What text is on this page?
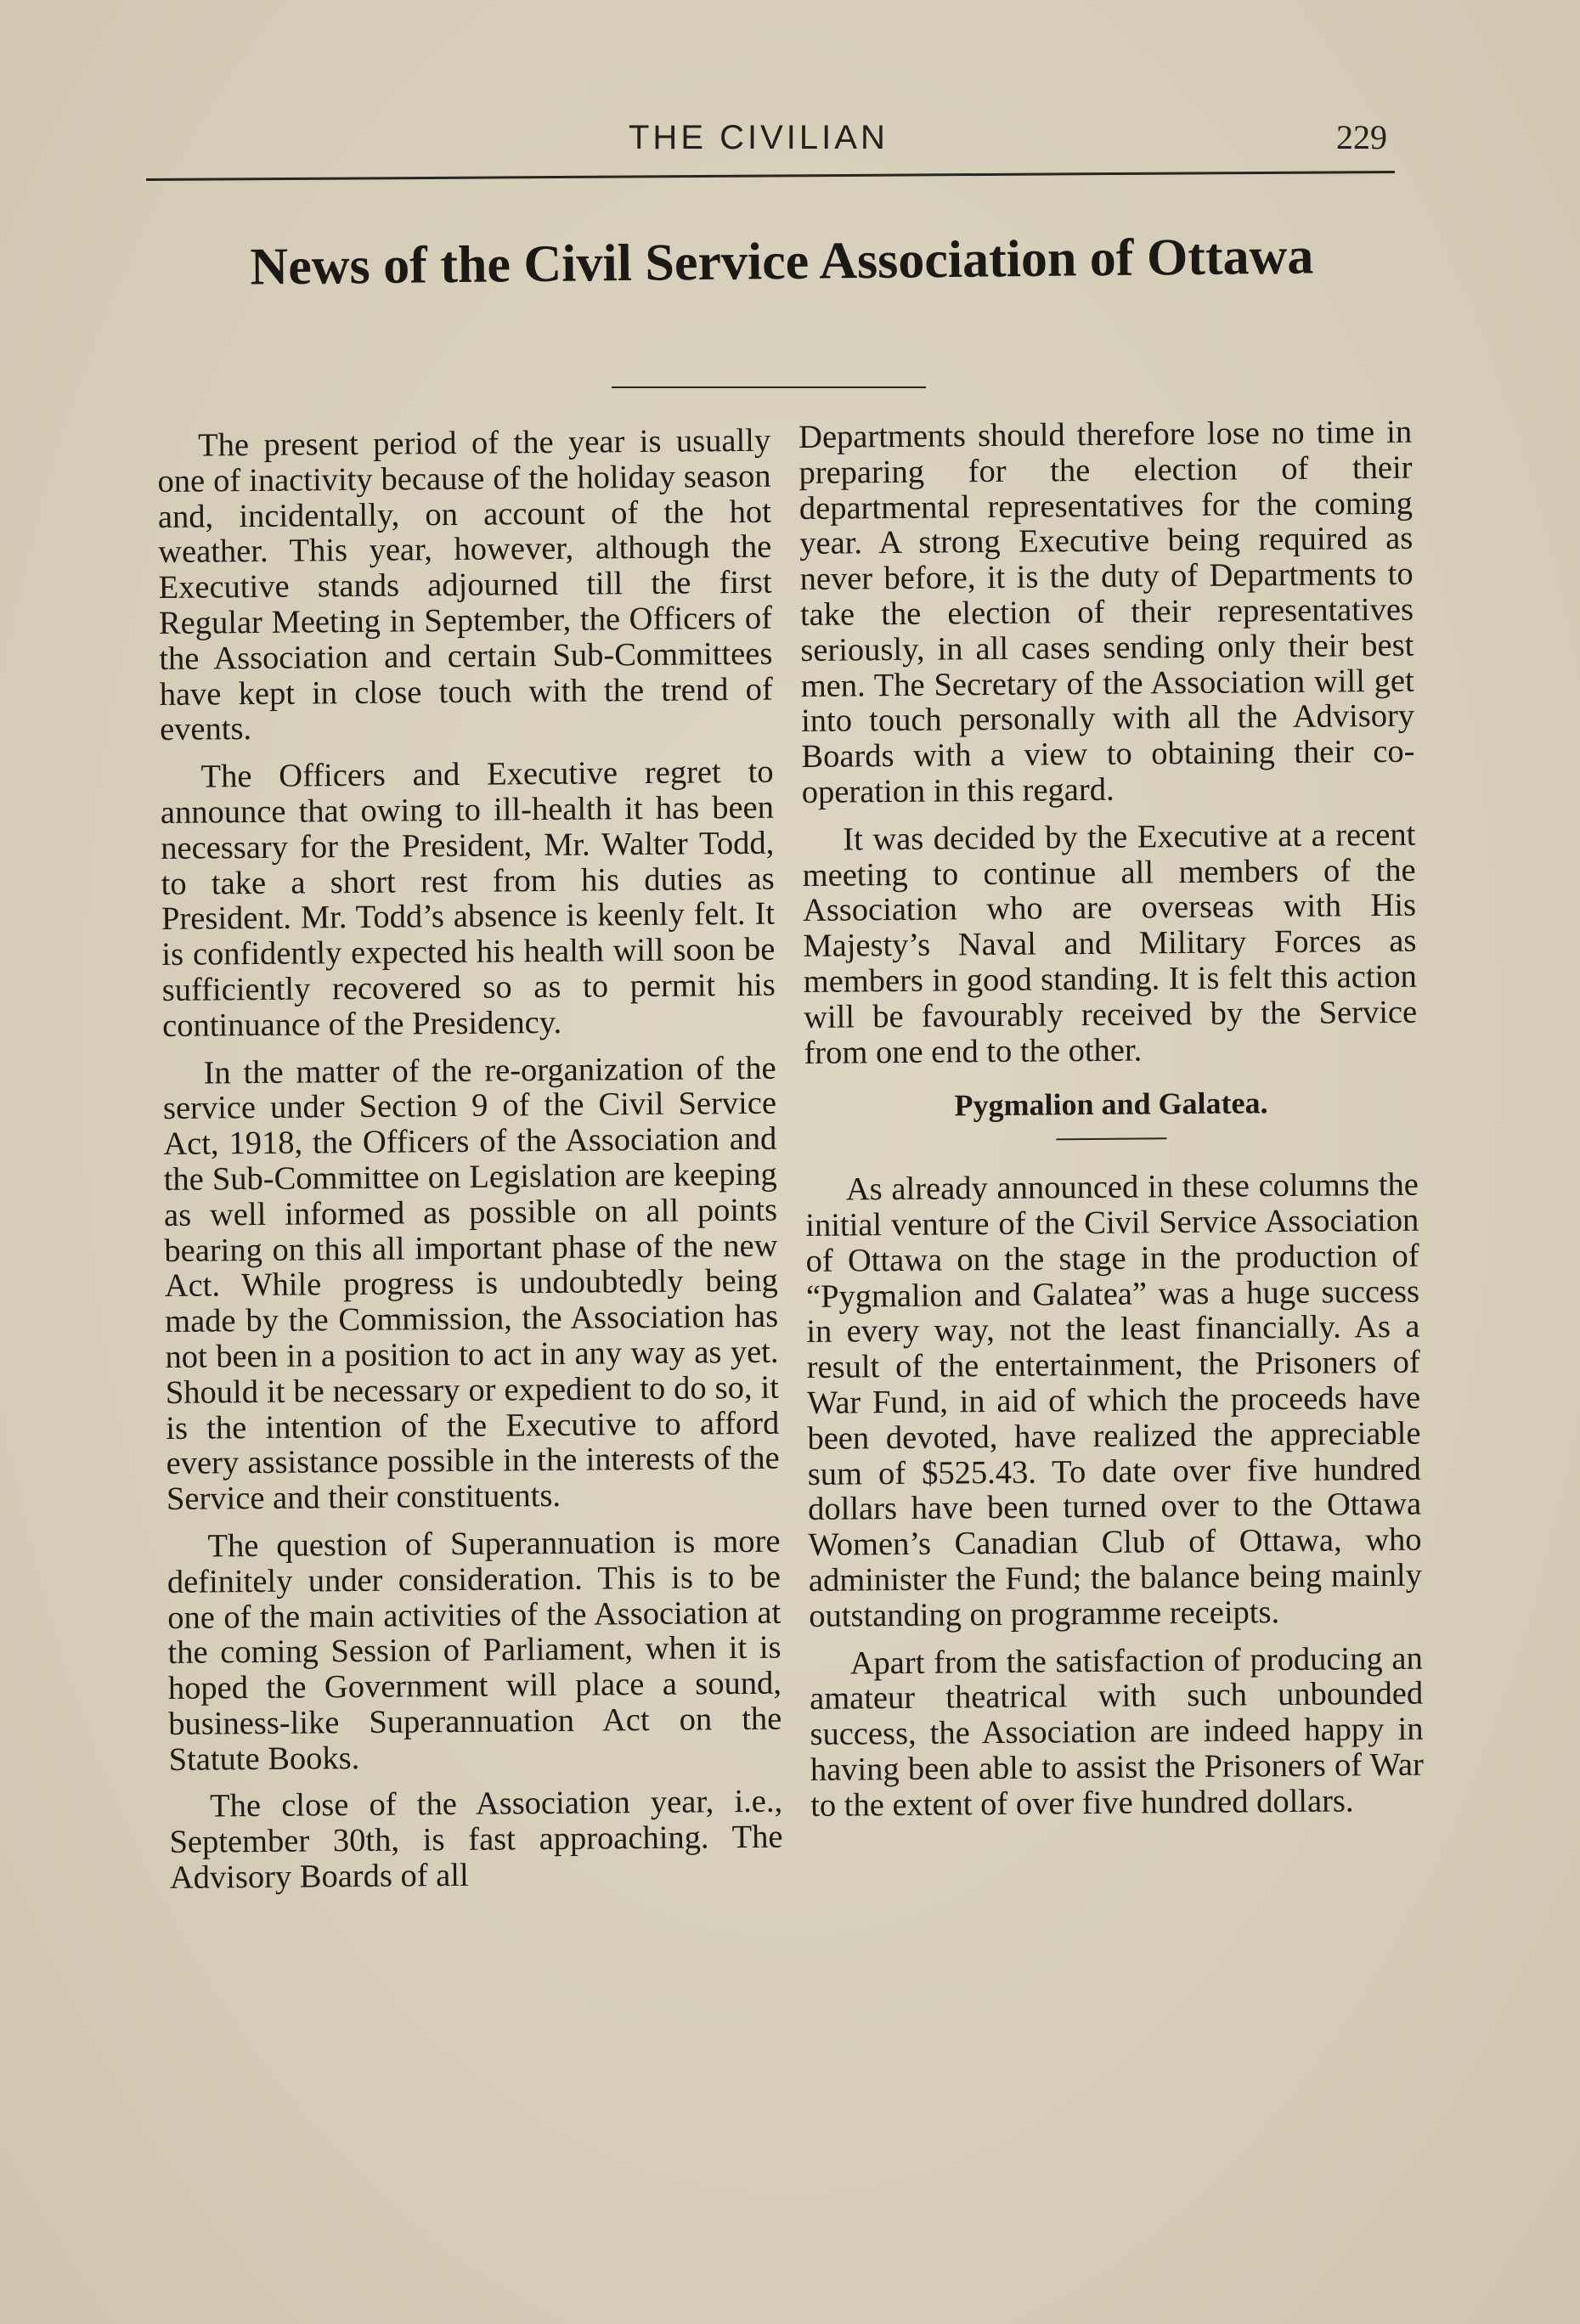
THE CIVILIAN	229
News of the Civil Service Association of Ottawa

The present period of the year is usually one of inactivity because of the holiday season and, incidentally, on account of the hot weather. This year, however, although the Executive stands adjourned till the first Regular Meeting in September, the Officers of the Association and certain Sub-Committees have kept in close touch with the trend of events.

The Officers and Executive regret to announce that owing to ill-health it has been necessary for the President, Mr. Walter Todd, to take a short rest from his duties as President. Mr. Todd’s absence is keenly felt. It is confidently expected his health will soon be sufficiently recovered so as to permit his continuance of the Presidency.

In the matter of the re-organization of the service under Section 9 of the Civil Service Act, 1918, the Officers of the Association and the Sub-Committee on Legislation are keeping as well informed as possible on all points bearing on this all important phase of the new Act. While progress is undoubtedly being made by the Commission, the Association has not been in a position to act in any way as yet. Should it be necessary or expedient to do so, it is the intention of the Executive to afford every assistance possible in the interests of the Service and their constituents.

The question of Superannuation is more definitely under consideration. This is to be one of the main activities of the Association at the coming Session of Parliament, when it is hoped the Government will place a sound, business-like Superannuation Act on the Statute Books.

The close of the Association year, i.e., September 30th, is fast approaching. The Advisory Boards of all

Departments should therefore lose no time in preparing for the election of their departmental representatives for the coming year. A strong Executive being required as never before, it is the duty of Departments to take the election of their representatives seriously, in all cases sending only their best men. The Secretary of the Association will get into touch personally with all the Advisory Boards with a view to obtaining their co-operation in this regard.

It was decided by the Executive at a recent meeting to continue all members of the Association who are overseas with His Majesty’s Naval and Military Forces as members in good standing. It is felt this action will be favourably received by the Service from one end to the other.

Pygmalion and Galatea.

As already announced in these columns the initial venture of the Civil Service Association of Ottawa on the stage in the production of “Pygmalion and Galatea” was a huge success in every way, not the least financially. As a result of the entertainment, the Prisoners of War Fund, in aid of which the proceeds have been devoted, have realized the appreciable sum of $525.43. To date over five hundred dollars have been turned over to the Ottawa Women’s Canadian Club of Ottawa, who administer the Fund; the balance being mainly outstanding on programme receipts.

Apart from the satisfaction of producing an amateur theatrical with such unbounded success, the Association are indeed happy in having been able to assist the Prisoners of War to the extent of over five hundred dollars.
